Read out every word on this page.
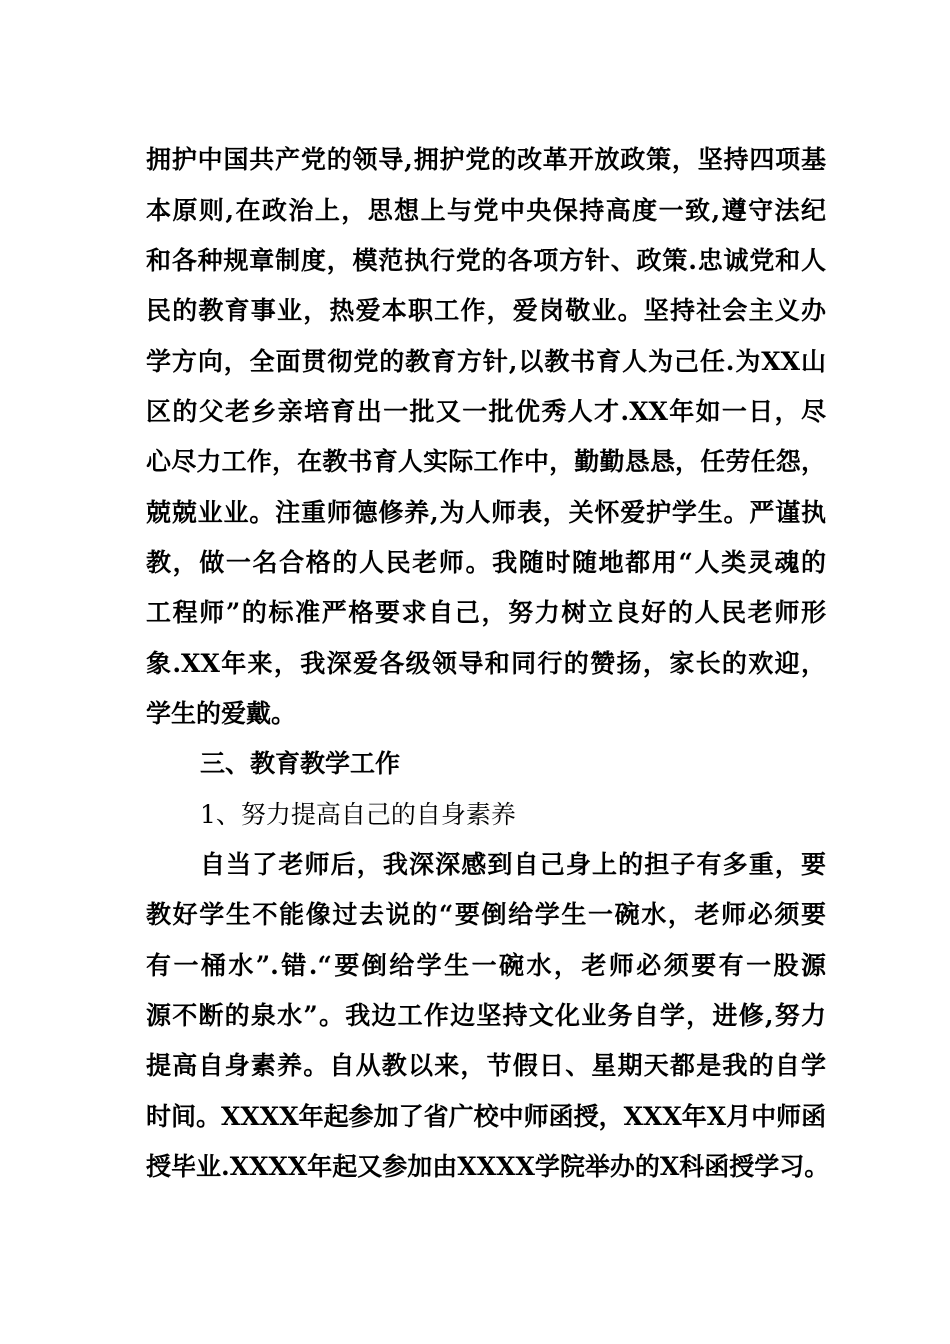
拥护中国共产党的领导,拥护党的改革开放政策，坚持四项基
本原则,在政治上，思想上与党中央保持高度一致,遵守法纪
和各种规章制度，模范执行党的各项方针、政策.忠诚党和人
民的教育事业，热爱本职工作，爱岗敬业。坚持社会主义办
学方向，全面贯彻党的教育方针,以教书育人为己任.为XX山
区的父老乡亲培育出一批又一批优秀人才.XX年如一日，尽
心尽力工作，在教书育人实际工作中，勤勤恳恳，任劳任怨，
兢兢业业。注重师德修养,为人师表，关怀爱护学生。严谨执
教，做一名合格的人民老师。我随时随地都用“人类灵魂的
工程师”的标准严格要求自己，努力树立良好的人民老师形
象.XX年来，我深爱各级领导和同行的赞扬，家长的欢迎，
学生的爱戴。
三、教育教学工作
1、努力提高自己的自身素养
自当了老师后，我深深感到自己身上的担子有多重，要
教好学生不能像过去说的“要倒给学生一碗水，老师必须要
有一桶水”.错.“要倒给学生一碗水，老师必须要有一股源
源不断的泉水”。我边工作边坚持文化业务自学，进修,努力
提高自身素养。自从教以来，节假日、星期天都是我的自学
时间。XXXX年起参加了省广校中师函授，XXX年X月中师函
授毕业.XXXX年起又参加由XXXX学院举办的X科函授学习。
